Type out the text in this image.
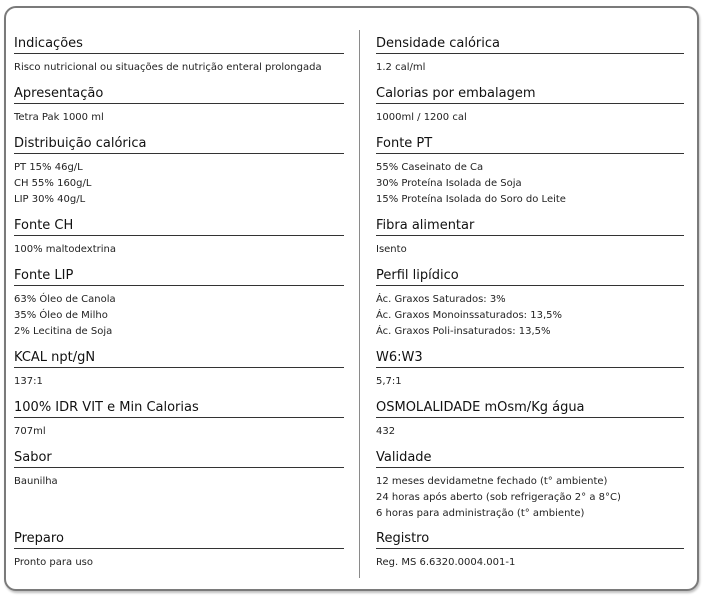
Indicações
Risco nutricional ou situações de nutrição enteral prolongada
Apresentação
Tetra Pak 1000 ml
Distribuição calórica
PT 15% 46g/L
CH 55% 160g/L
LIP 30% 40g/L
Fonte CH
100% maltodextrina
Fonte LIP
63% Óleo de Canola
35% Óleo de Milho
2% Lecitina de Soja
KCAL npt/gN
137:1
100% IDR VIT e Min Calorias
707ml
Sabor
Baunilha
Preparo
Pronto para uso
Densidade calórica
1.2 cal/ml
Calorias por embalagem
1000ml / 1200 cal
Fonte PT
55% Caseinato de Ca
30% Proteína Isolada de Soja
15% Proteína Isolada do Soro do Leite
Fibra alimentar
Isento
Perfil lipídico
Ác. Graxos Saturados: 3%
Ác. Graxos Monoinssaturados: 13,5%
Ác. Graxos Poli-insaturados: 13,5%
W6:W3
5,7:1
OSMOLALIDADE mOsm/Kg água
432
Validade
12 meses devidametne fechado (t° ambiente)
24 horas após aberto (sob refrigeração 2° a 8°C)
6 horas para administração (t° ambiente)
Registro
Reg. MS 6.6320.0004.001-1
